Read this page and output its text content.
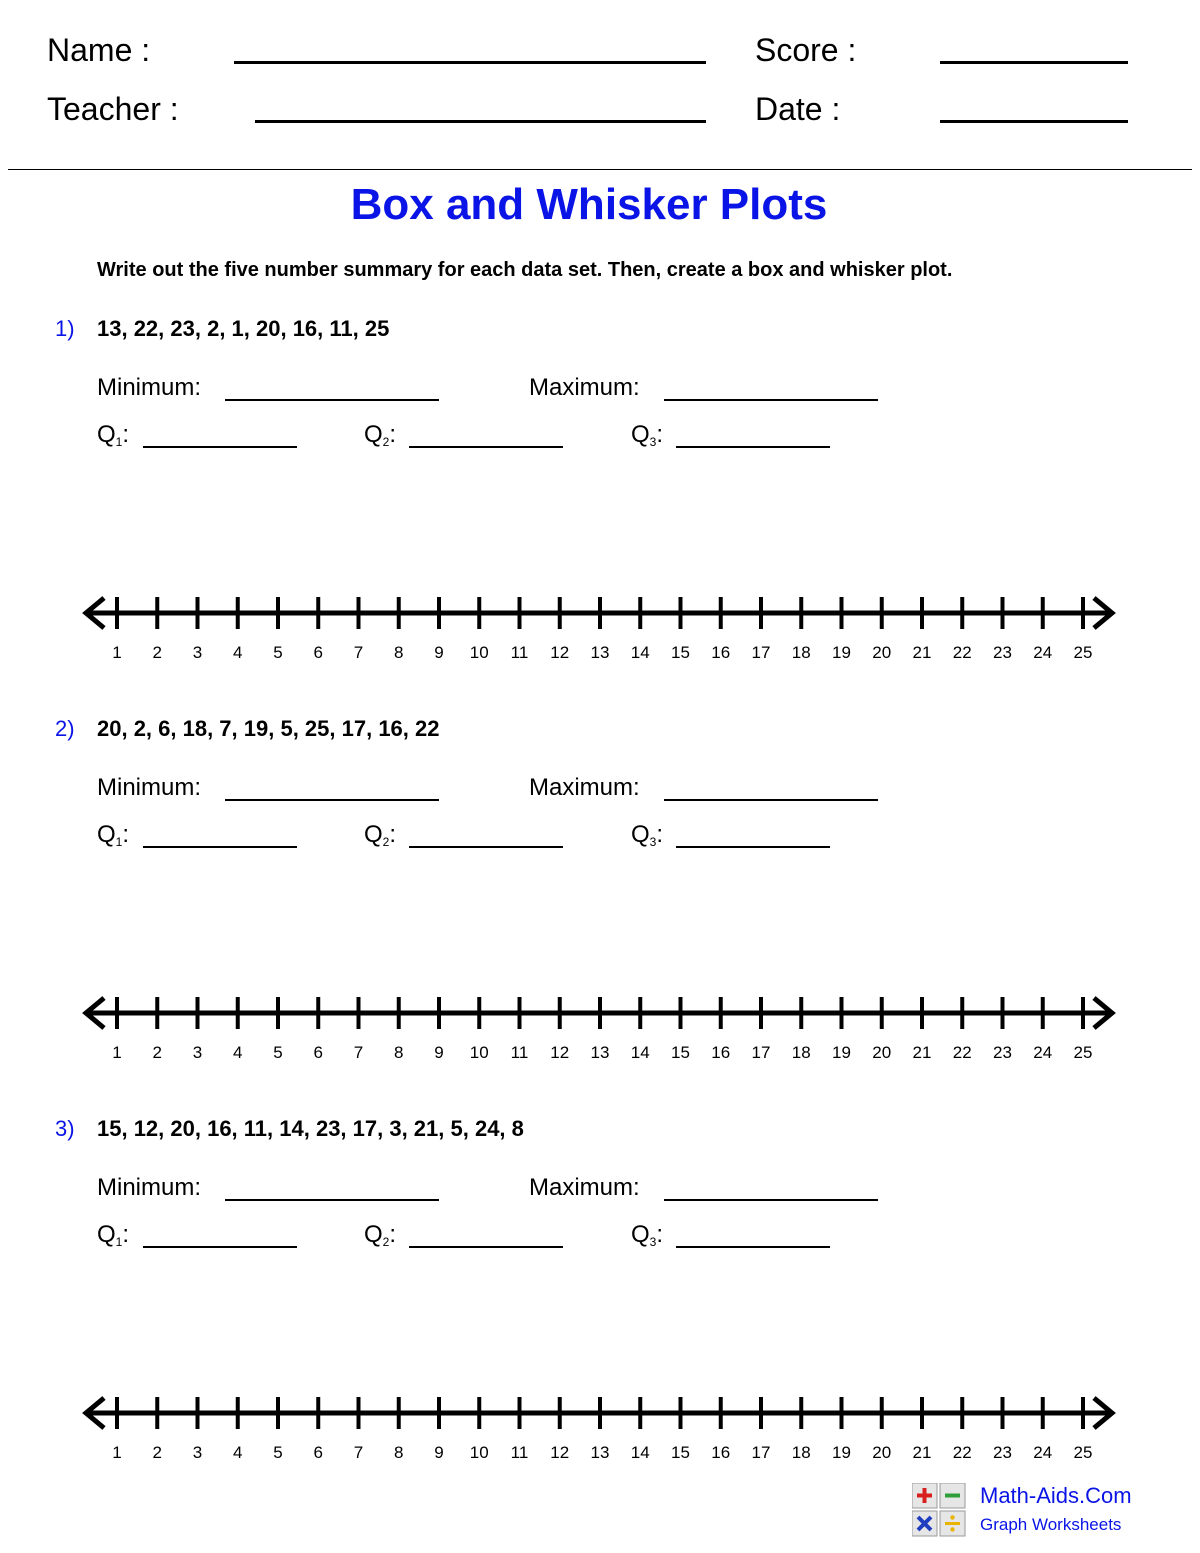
Name :	Score :
Teacher :	Date :
Box and Whisker Plots
Write out the five number summary for each data set. Then, create a box and whisker plot.
1) 13, 22, 23, 2, 1, 20, 16, 11, 25
Minimum:	Maximum:
$Q_1$:	$Q_2$:	$Q_3$:
1 2 3 4 5 6 7 8 9 10 11 12 13 14 15 16 17 18 19 20 21 22 23 24 25
2) 20, 2, 6, 18, 7, 19, 5, 25, 17, 16, 22
Minimum:	Maximum:
$Q_1$:	$Q_2$:	$Q_3$:
1 2 3 4 5 6 7 8 9 10 11 12 13 14 15 16 17 18 19 20 21 22 23 24 25
3) 15, 12, 20, 16, 11, 14, 23, 17, 3, 21, 5, 24, 8
Minimum:	Maximum:
$Q_1$:	$Q_2$:	$Q_3$:
1 2 3 4 5 6 7 8 9 10 11 12 13 14 15 16 17 18 19 20 21 22 23 24 25
Math-Aids.Com
Graph Worksheets
